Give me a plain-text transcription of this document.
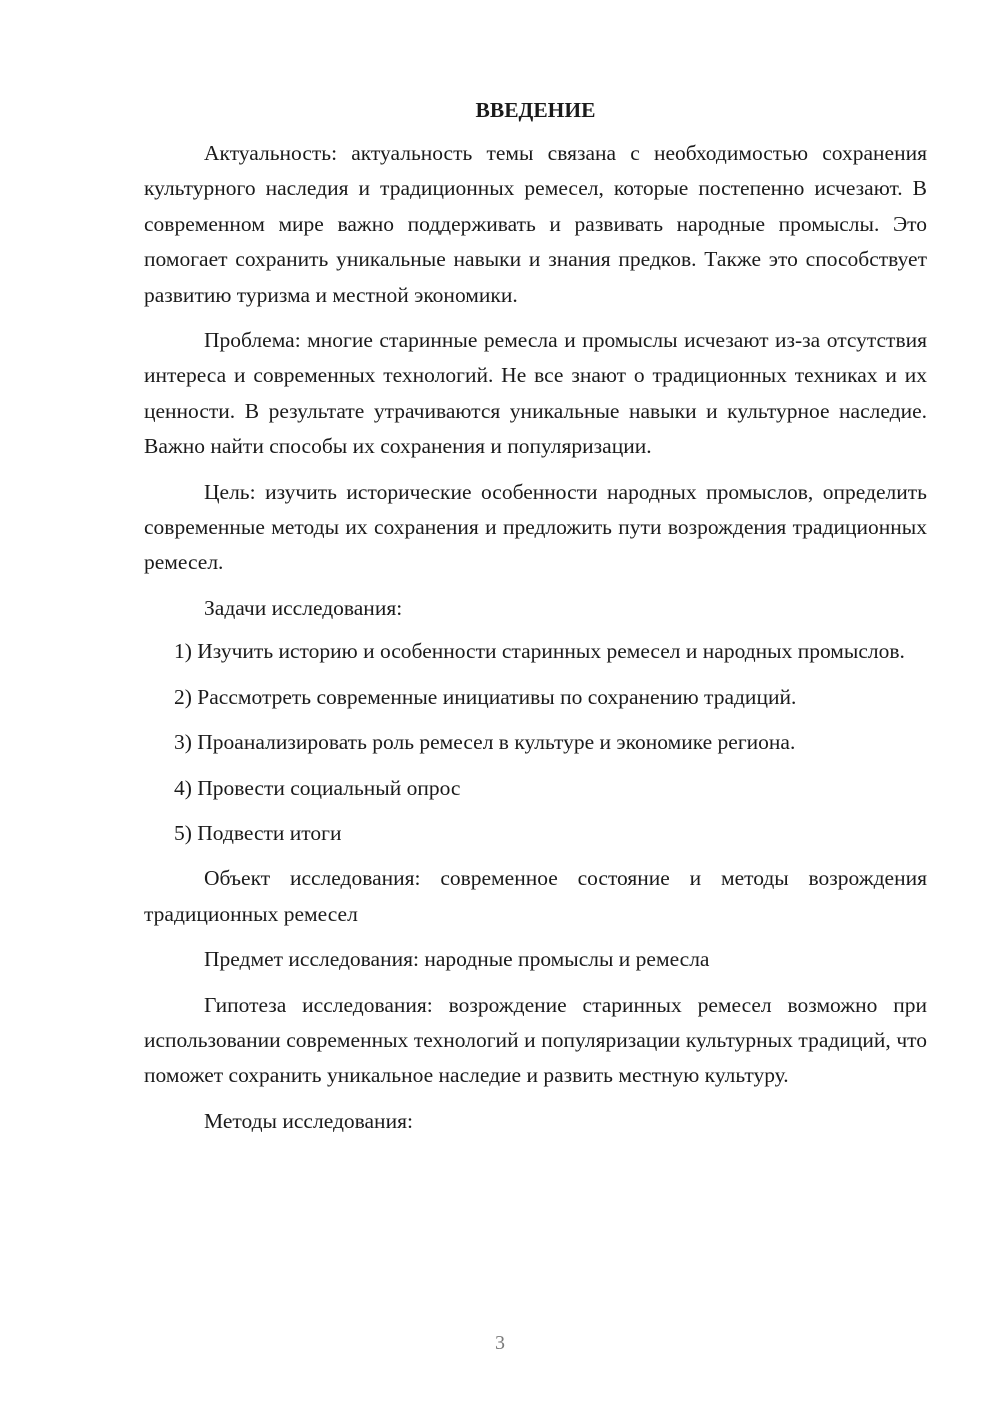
ВВЕДЕНИЕ

Актуальность: актуальность темы связана с необходимостью сохранения культурного наследия и традиционных ремесел, которые постепенно исчезают. В современном мире важно поддерживать и развивать народные промыслы. Это помогает сохранить уникальные навыки и знания предков. Также это способствует развитию туризма и местной экономики.

Проблема: многие старинные ремесла и промыслы исчезают из-за отсутствия интереса и современных технологий. Не все знают о традиционных техниках и их ценности. В результате утрачиваются уникальные навыки и культурное наследие. Важно найти способы их сохранения и популяризации.

Цель: изучить исторические особенности народных промыслов, определить современные методы их сохранения и предложить пути возрождения традиционных ремесел.

Задачи исследования:

1) Изучить историю и особенности старинных ремесел и народных промыслов.

2) Рассмотреть современные инициативы по сохранению традиций.

3) Проанализировать роль ремесел в культуре и экономике региона.

4) Провести социальный опрос

5) Подвести итоги

Объект исследования: современное состояние и методы возрождения традиционных ремесел

Предмет исследования: народные промыслы и ремесла

Гипотеза исследования: возрождение старинных ремесел возможно при использовании современных технологий и популяризации культурных традиций, что поможет сохранить уникальное наследие и развить местную культуру.

Методы исследования:

3
